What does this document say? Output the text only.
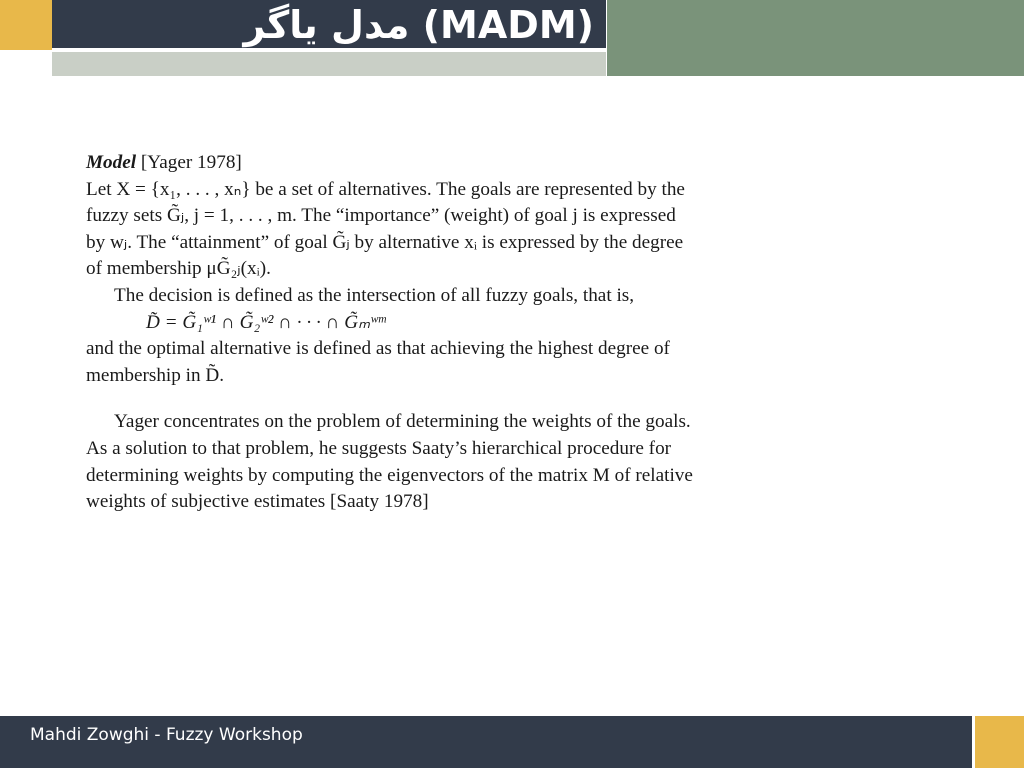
مدل یاگر (MADM)

Model [Yager 1978]

Let X = {x₁, . . . , xₙ} be a set of alternatives. The goals are represented by the

fuzzy sets G̃ⱼ, j = 1, . . . , m. The “importance” (weight) of goal j is expressed

by wⱼ. The “attainment” of goal G̃ⱼ by alternative xᵢ is expressed by the degree

of membership μG̃₂ⱼ(xᵢ).

The decision is defined as the intersection of all fuzzy goals, that is,

D̃ = G̃₁ʷ¹ ∩ G̃₂ʷ² ∩ · · · ∩ G̃ₘʷᵐ

and the optimal alternative is defined as that achieving the highest degree of

membership in D̃.

Yager concentrates on the problem of determining the weights of the goals.

As a solution to that problem, he suggests Saaty’s hierarchical procedure for

determining weights by computing the eigenvectors of the matrix M of relative

weights of subjective estimates [Saaty 1978]

Mahdi Zowghi - Fuzzy Workshop
